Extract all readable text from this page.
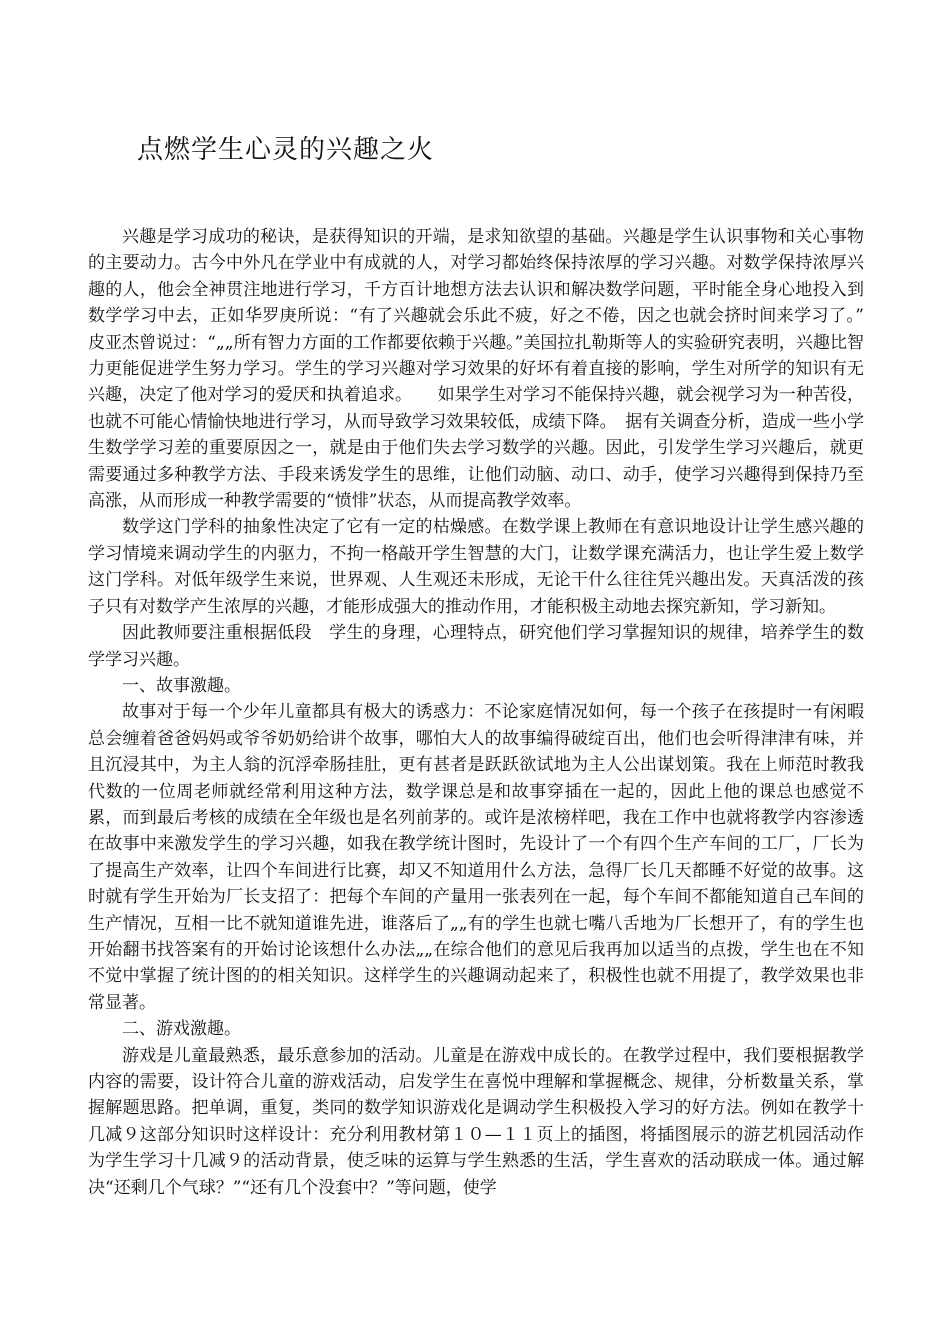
点燃学生心灵的兴趣之火

兴趣是学习成功的秘诀，是获得知识的开端，是求知欲望的基础。兴趣是学生认识事物和关心事物的主要动力。古今中外凡在学业中有成就的人，对学习都始终保持浓厚的学习兴趣。对数学保持浓厚兴趣的人，他会全神贯注地进行学习，千方百计地想方法去认识和解决数学问题，平时能全身心地投入到数学学习中去，正如华罗庚所说：“有了兴趣就会乐此不疲，好之不倦，因之也就会挤时间来学习了。”　皮亚杰曾说过：“„„所有智力方面的工作都要依赖于兴趣。”美国拉扎勒斯等人的实验研究表明，兴趣比智力更能促进学生努力学习。学生的学习兴趣对学习效果的好坏有着直接的影响，学生对所学的知识有无兴趣，决定了他对学习的爱厌和执着追求。　　如果学生对学习不能保持兴趣，就会视学习为一种苦役，也就不可能心情愉快地进行学习，从而导致学习效果较低，成绩下降。　据有关调查分析，造成一些小学生数学学习差的重要原因之一，就是由于他们失去学习数学的兴趣。因此，引发学生学习兴趣后，就更需要通过多种教学方法、手段来诱发学生的思维，让他们动脑、动口、动手，使学习兴趣得到保持乃至高涨，从而形成一种教学需要的“愤悱”状态，从而提高教学效率。

数学这门学科的抽象性决定了它有一定的枯燥感。在数学课上教师在有意识地设计让学生感兴趣的学习情境来调动学生的内驱力，不拘一格敲开学生智慧的大门，让数学课充满活力，也让学生爱上数学这门学科。对低年级学生来说，世界观、人生观还未形成，无论干什么往往凭兴趣出发。天真活泼的孩子只有对数学产生浓厚的兴趣，才能形成强大的推动作用，才能积极主动地去探究新知，学习新知。

因此教师要注重根据低段　学生的身理，心理特点，研究他们学习掌握知识的规律，培养学生的数学学习兴趣。

一、故事激趣。

故事对于每一个少年儿童都具有极大的诱惑力：不论家庭情况如何，每一个孩子在孩提时一有闲暇总会缠着爸爸妈妈或爷爷奶奶给讲个故事，哪怕大人的故事编得破绽百出，他们也会听得津津有味，并且沉浸其中，为主人翁的沉浮牵肠挂肚，更有甚者是跃跃欲试地为主人公出谋划策。我在上师范时教我代数的一位周老师就经常利用这种方法，数学课总是和故事穿插在一起的，因此上他的课总也感觉不累，而到最后考核的成绩在全年级也是名列前茅的。或许是浓榜样吧，我在工作中也就将教学内容渗透在故事中来激发学生的学习兴趣，如我在教学统计图时，先设计了一个有四个生产车间的工厂，厂长为了提高生产效率，让四个车间进行比赛，却又不知道用什么方法，急得厂长几天都睡不好觉的故事。这时就有学生开始为厂长支招了：把每个车间的产量用一张表列在一起，每个车间不都能知道自己车间的生产情况，互相一比不就知道谁先进，谁落后了„„有的学生也就七嘴八舌地为厂长想开了，有的学生也开始翻书找答案有的开始讨论该想什么办法„„在综合他们的意见后我再加以适当的点拨，学生也在不知不觉中掌握了统计图的的相关知识。这样学生的兴趣调动起来了，积极性也就不用提了，教学效果也非常显著。

二、游戏激趣。

游戏是儿童最熟悉，最乐意参加的活动。儿童是在游戏中成长的。在教学过程中，我们要根据教学内容的需要，设计符合儿童的游戏活动，启发学生在喜悦中理解和掌握概念、规律，分析数量关系，掌握解题思路。把单调，重复，类同的数学知识游戏化是调动学生积极投入学习的好方法。例如在教学十几减９这部分知识时这样设计：充分利用教材第１０—１１页上的插图，将插图展示的游艺机园活动作为学生学习十几减９的活动背景，使乏味的运算与学生熟悉的生活，学生喜欢的活动联成一体。通过解决“还剩几个气球？”“还有几个没套中？”等问题，使学
